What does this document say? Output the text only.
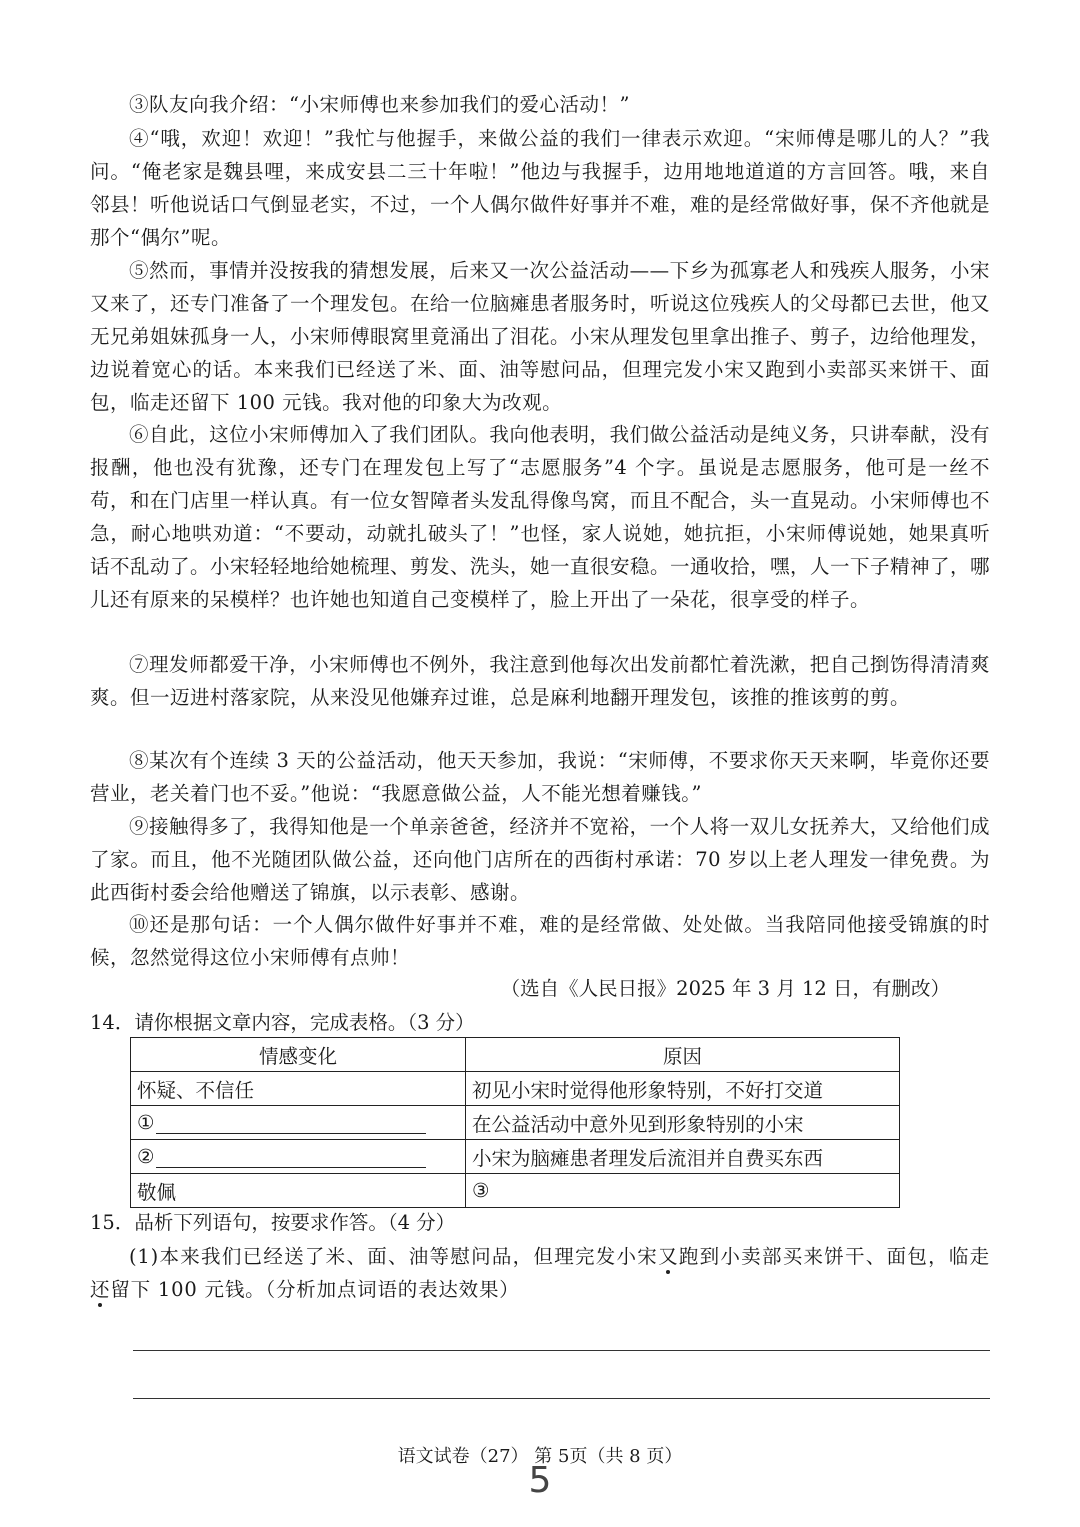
③队友向我介绍：“小宋师傅也来参加我们的爱心活动！”
④“哦，欢迎！欢迎！”我忙与他握手，来做公益的我们一律表示欢迎。“宋师傅是哪儿的人？”我问。“俺老家是魏县哩，来成安县二三十年啦！”他边与我握手，边用地地道道的方言回答。哦，来自邻县！听他说话口气倒显老实，不过，一个人偶尔做件好事并不难，难的是经常做好事，保不齐他就是那个“偶尔”呢。
⑤然而，事情并没按我的猜想发展，后来又一次公益活动——下乡为孤寡老人和残疾人服务，小宋又来了，还专门准备了一个理发包。在给一位脑瘫患者服务时，听说这位残疾人的父母都已去世，他又无兄弟姐妹孤身一人，小宋师傅眼窝里竟涌出了泪花。小宋从理发包里拿出推子、剪子，边给他理发，边说着宽心的话。本来我们已经送了米、面、油等慰问品，但理完发小宋又跑到小卖部买来饼干、面包，临走还留下 100 元钱。我对他的印象大为改观。
⑥自此，这位小宋师傅加入了我们团队。我向他表明，我们做公益活动是纯义务，只讲奉献，没有报酬，他也没有犹豫，还专门在理发包上写了“志愿服务”4 个字。虽说是志愿服务，他可是一丝不苟，和在门店里一样认真。有一位女智障者头发乱得像鸟窝，而且不配合，头一直晃动。小宋师傅也不急，耐心地哄劝道：“不要动，动就扎破头了！”也怪，家人说她，她抗拒，小宋师傅说她，她果真听话不乱动了。小宋轻轻地给她梳理、剪发、洗头，她一直很安稳。一通收拾，嘿，人一下子精神了，哪儿还有原来的呆模样？也许她也知道自己变模样了，脸上开出了一朵花，很享受的样子。
⑦理发师都爱干净，小宋师傅也不例外，我注意到他每次出发前都忙着洗漱，把自己捯饬得清清爽爽。但一迈进村落家院，从来没见他嫌弃过谁，总是麻利地翻开理发包，该推的推该剪的剪。
⑧某次有个连续 3 天的公益活动，他天天参加，我说：“宋师傅，不要求你天天来啊，毕竟你还要营业，老关着门也不妥。”他说：“我愿意做公益，人不能光想着赚钱。”
⑨接触得多了，我得知他是一个单亲爸爸，经济并不宽裕，一个人将一双儿女抚养大，又给他们成了家。而且，他不光随团队做公益，还向他门店所在的西街村承诺：70 岁以上老人理发一律免费。为此西街村委会给他赠送了锦旗，以示表彰、感谢。
⑩还是那句话：一个人偶尔做件好事并不难，难的是经常做、处处做。当我陪同他接受锦旗的时候，忽然觉得这位小宋师傅有点帅！
（选自《人民日报》2025 年 3 月 12 日，有删改）
14．请你根据文章内容，完成表格。（3 分）
情感变化	原因
怀疑、不信任	初见小宋时觉得他形象特别，不好打交道
①	在公益活动中意外见到形象特别的小宋
②	小宋为脑瘫患者理发后流泪并自费买东西
敬佩	③
15．品析下列语句，按要求作答。（4 分）
(1)本来我们已经送了米、面、油等慰问品，但理完发小宋又跑到小卖部买来饼干、面包，临走还留下 100 元钱。（分析加点词语的表达效果）
语文试卷（27） 第 5页（共 8 页）
5
